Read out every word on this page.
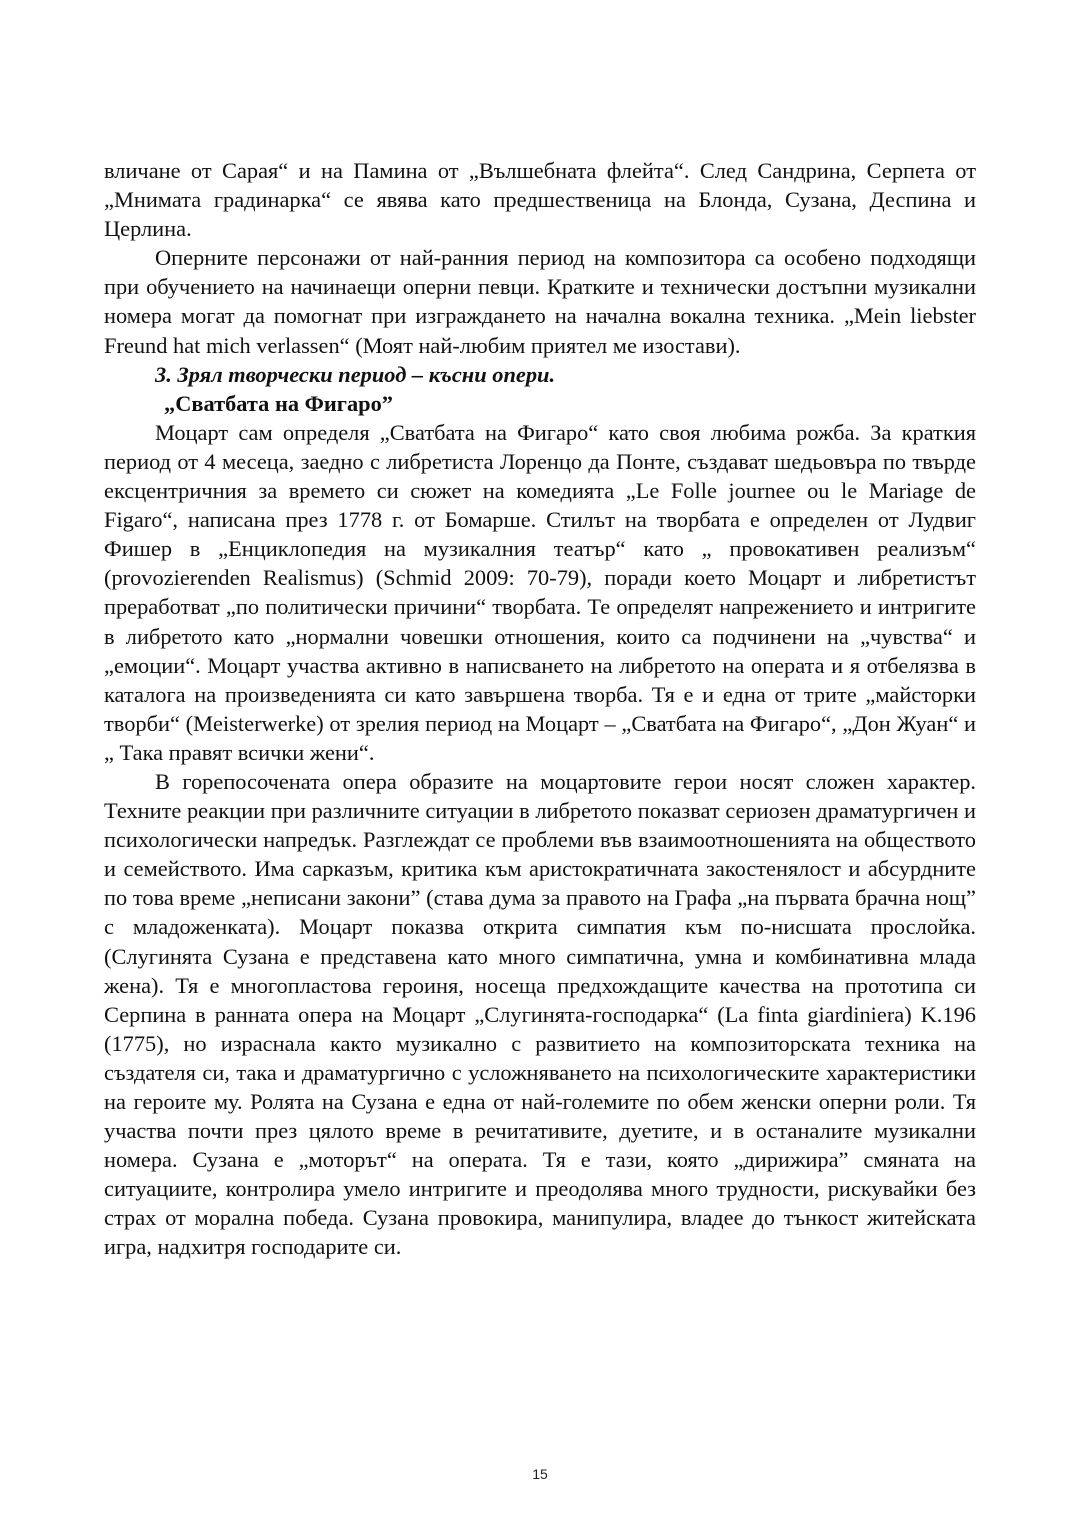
вличане от Сарая“ и на Памина от „Вълшебната флейта“. След Сандрина, Серпета от „Мнимата градинарка“ се явява като предшественица на Блонда, Сузана, Деспина и Церлина.

Оперните персонажи от най-ранния период на композитора са особено подходящи при обучението на начинаещи оперни певци. Кратките и технически достъпни музикални номера могат да помогнат при изграждането на начална вокална техника. „Mein liebster Freund hat mich verlassen“ (Моят най-любим приятел ме изостави).

3. Зрял творчески период – късни опери.

„Сватбата на Фигаро”

Моцарт сам определя „Сватбата на Фигаро“ като своя любима рожба. За краткия период от 4 месеца, заедно с либретиста Лоренцо да Понте, създават шедьовъра по твърде ексцентричния за времето си сюжет на комедията „Le Folle journee ou le Mariage de Figaro“, написана през 1778 г. от Бомарше. Стилът на творбата е определен от Лудвиг Фишер в „Енциклопедия на музикалния театър“ като „ провокативен реализъм“ (provozierenden Realismus) (Schmid 2009: 70-79), поради което Моцарт и либретистът преработват „по политически причини“ творбата. Те определят напрежението и интригите в либретото като „нормални човешки отношения, които са подчинени на „чувства“ и „емоции“. Моцарт участва активно в написването на либретото на операта и я отбелязва в каталога на произведенията си като завършена творба. Тя е и една от трите „майсторки творби“ (Meisterwerke) от зрелия период на Моцарт – „Сватбата на Фигаро“, „Дон Жуан“ и „ Така правят всички жени“.

В горепосочената опера образите на моцартовите герои носят сложен характер. Техните реакции при различните ситуации в либретото показват сериозен драматургичен и психологически напредък. Разглеждат се проблеми във взаимоотношенията на обществото и семейството. Има сарказъм, критика към аристократичната закостенялост и абсурдните по това време „неписани закони” (става дума за правото на Графа „на първата брачна нощ” с младоженката). Моцарт показва открита симпатия към по-нисшата прослойка. (Слугинята Сузана е представена като много симпатична, умна и комбинативна млада жена). Тя е многопластова героиня, носеща предхождащите качества на прототипа си Серпина в ранната опера на Моцарт „Слугинята-господарка“ (La finta giardiniera) K.196 (1775), но израснала както музикално с развитието на композиторската техника на създателя си, така и драматургично с усложняването на психологическите характеристики на героите му. Ролята на Сузана е една от най-големите по обем женски оперни роли. Тя участва почти през цялото време в речитативите, дуетите, и в останалите музикални номера. Сузана е „моторът“ на операта. Тя е тази, която „дирижира” смяната на ситуациите, контролира умело интригите и преодолява много трудности, рискувайки без страх от морална победа. Сузана провокира, манипулира, владее до тънкост житейската игра, надхитря господарите си.

15
